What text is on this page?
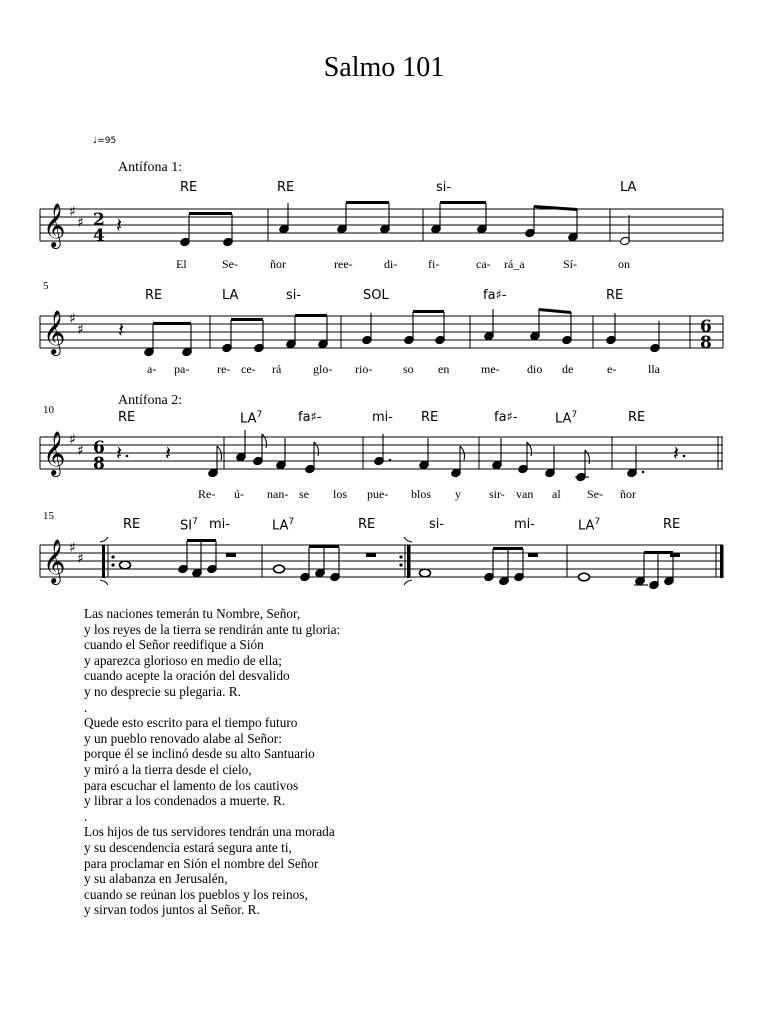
Salmo 101
♩=95
Antífona 1:
Antífona 2:
5
10
15
RE	RE	si-	LA
RE	LA	si-	SOL	fa♯-	RE
RE	$LA^7$	fa♯-	mi- RE	fa♯-	$LA^7$	RE
RE	$SI^7$ mi-	$LA^7$	RE	si-	mi-	$LA^7$	RE
El	Se-	ñor	ree-	di-	fi-	ca- rá_a	Sí-	on
a- pa- re- ce- rá	glo- rio-	so en	me- dio de	e-	lla
Re- ú- nan- se los pue- blos y sir- van al Se- ñor
𝄞
𝄞
𝄞
𝄞
♯
♯
♯
♯
♯
♯
♯
♯
2
4
6
8
6
8
𝄽
𝄽
𝄽 𝄽	𝄽
Las naciones temerán tu Nombre, Señor,
y los reyes de la tierra se rendirán ante tu gloria:
cuando el Señor reedifique a Sión
y aparezca glorioso en medio de ella;
cuando acepte la oración del desvalido
y no desprecie su plegaria. R.
.
Quede esto escrito para el tiempo futuro
y un pueblo renovado alabe al Señor:
porque él se inclinó desde su alto Santuario
y miró a la tierra desde el cielo,
para escuchar el lamento de los cautivos
y librar a los condenados a muerte. R.
.
Los hijos de tus servidores tendrán una morada
y su descendencia estará segura ante ti,
para proclamar en Sión el nombre del Señor
y su alabanza en Jerusalén,
cuando se reúnan los pueblos y los reinos,
y sirvan todos juntos al Señor. R.
